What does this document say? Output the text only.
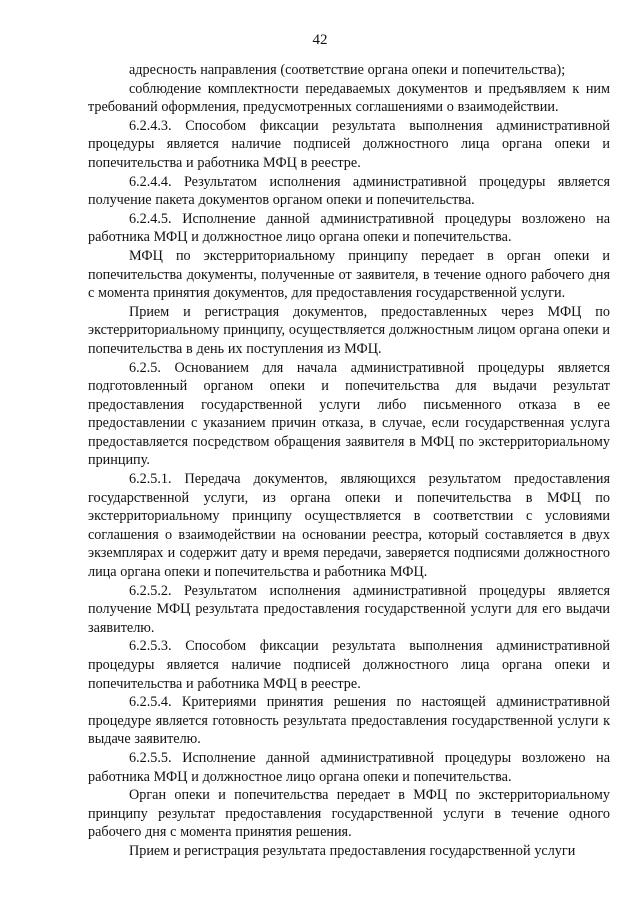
42

адресность направления (соответствие органа опеки и попечительства);

соблюдение комплектности передаваемых документов и предъявляем к ним требований оформления, предусмотренных соглашениями о взаимодействии.

6.2.4.3. Способом фиксации результата выполнения административной процедуры является наличие подписей должностного лица органа опеки и попечительства и работника МФЦ в реестре.

6.2.4.4. Результатом исполнения административной процедуры является получение пакета документов органом опеки и попечительства.

6.2.4.5. Исполнение данной административной процедуры возложено на работника МФЦ и должностное лицо органа опеки и попечительства.

МФЦ по экстерриториальному принципу передает в орган опеки и попечительства документы, полученные от заявителя, в течение одного рабочего дня с момента принятия документов, для предоставления государственной услуги.

Прием и регистрация документов, предоставленных через МФЦ по экстерриториальному принципу, осуществляется должностным лицом органа опеки и попечительства в день их поступления из МФЦ.

6.2.5. Основанием для начала административной процедуры является подготовленный органом опеки и попечительства для выдачи результат предоставления государственной услуги либо письменного отказа в ее предоставлении с указанием причин отказа, в случае, если государственная услуга предоставляется посредством обращения заявителя в МФЦ по экстерриториальному принципу.

6.2.5.1. Передача документов, являющихся результатом предоставления государственной услуги, из органа опеки и попечительства в МФЦ по экстерриториальному принципу осуществляется в соответствии с условиями соглашения о взаимодействии на основании реестра, который составляется в двух экземплярах и содержит дату и время передачи, заверяется подписями должностного лица органа опеки и попечительства и работника МФЦ.

6.2.5.2. Результатом исполнения административной процедуры является получение МФЦ результата предоставления государственной услуги для его выдачи заявителю.

6.2.5.3. Способом фиксации результата выполнения административной процедуры является наличие подписей должностного лица органа опеки и попечительства и работника МФЦ в реестре.

6.2.5.4. Критериями принятия решения по настоящей административной процедуре является готовность результата предоставления государственной услуги к выдаче заявителю.

6.2.5.5. Исполнение данной административной процедуры возложено на работника МФЦ и должностное лицо органа опеки и попечительства.

Орган опеки и попечительства передает в МФЦ по экстерриториальному принципу результат предоставления государственной услуги в течение одного рабочего дня с момента принятия решения.

Прием и регистрация результата предоставления государственной услуги
